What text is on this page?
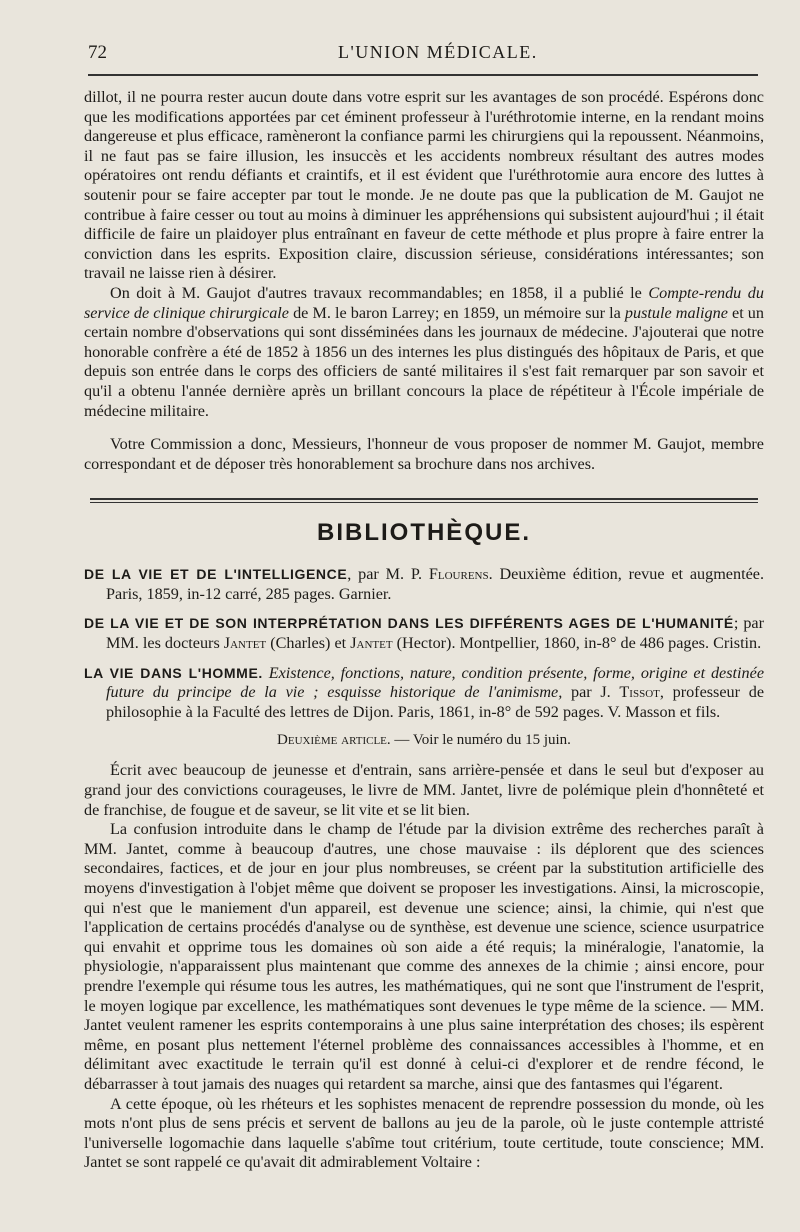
72	L'UNION MÉDICALE.

dillot, il ne pourra rester aucun doute dans votre esprit sur les avantages de son procédé. Espérons donc que les modifications apportées par cet éminent professeur à l'uréthrotomie interne, en la rendant moins dangereuse et plus efficace, ramèneront la confiance parmi les chirurgiens qui la repoussent. Néanmoins, il ne faut pas se faire illusion, les insuccès et les accidents nombreux résultant des autres modes opératoires ont rendu défiants et craintifs, et il est évident que l'uréthrotomie aura encore des luttes à soutenir pour se faire accepter par tout le monde. Je ne doute pas que la publication de M. Gaujot ne contribue à faire cesser ou tout au moins à diminuer les appréhensions qui subsistent aujourd'hui ; il était difficile de faire un plaidoyer plus entraînant en faveur de cette méthode et plus propre à faire entrer la conviction dans les esprits. Exposition claire, discussion sérieuse, considérations intéressantes; son travail ne laisse rien à désirer.

On doit à M. Gaujot d'autres travaux recommandables; en 1858, il a publié le Compte-rendu du service de clinique chirurgicale de M. le baron Larrey; en 1859, un mémoire sur la pustule maligne et un certain nombre d'observations qui sont disséminées dans les journaux de médecine. J'ajouterai que notre honorable confrère a été de 1852 à 1856 un des internes les plus distingués des hôpitaux de Paris, et que depuis son entrée dans le corps des officiers de santé militaires il s'est fait remarquer par son savoir et qu'il a obtenu l'année dernière après un brillant concours la place de répétiteur à l'École impériale de médecine militaire.

Votre Commission a donc, Messieurs, l'honneur de vous proposer de nommer M. Gaujot, membre correspondant et de déposer très honorablement sa brochure dans nos archives.

BIBLIOTHÈQUE.
DE LA VIE ET DE L'INTELLIGENCE, par M. P. Flourens. Deuxième édition, revue et augmentée. Paris, 1859, in-12 carré, 285 pages. Garnier.
DE LA VIE ET DE SON INTERPRÉTATION DANS LES DIFFÉRENTS AGES DE L'HUMANITÉ; par MM. les docteurs Jantet (Charles) et Jantet (Hector). Montpellier, 1860, in-8° de 486 pages. Cristin.
LA VIE DANS L'HOMME. Existence, fonctions, nature, condition présente, forme, origine et destinée future du principe de la vie ; esquisse historique de l'animisme, par J. Tissot, professeur de philosophie à la Faculté des lettres de Dijon. Paris, 1861, in-8° de 592 pages. V. Masson et fils.
Deuxième article. — Voir le numéro du 15 juin.

Écrit avec beaucoup de jeunesse et d'entrain, sans arrière-pensée et dans le seul but d'exposer au grand jour des convictions courageuses, le livre de MM. Jantet, livre de polémique plein d'honnêteté et de franchise, de fougue et de saveur, se lit vite et se lit bien.

La confusion introduite dans le champ de l'étude par la division extrême des recherches paraît à MM. Jantet, comme à beaucoup d'autres, une chose mauvaise : ils déplorent que des sciences secondaires, factices, et de jour en jour plus nombreuses, se créent par la substitution artificielle des moyens d'investigation à l'objet même que doivent se proposer les investigations. Ainsi, la microscopie, qui n'est que le maniement d'un appareil, est devenue une science; ainsi, la chimie, qui n'est que l'application de certains procédés d'analyse ou de synthèse, est devenue une science, science usurpatrice qui envahit et opprime tous les domaines où son aide a été requis; la minéralogie, l'anatomie, la physiologie, n'apparaissent plus maintenant que comme des annexes de la chimie ; ainsi encore, pour prendre l'exemple qui résume tous les autres, les mathématiques, qui ne sont que l'instrument de l'esprit, le moyen logique par excellence, les mathématiques sont devenues le type même de la science. — MM. Jantet veulent ramener les esprits contemporains à une plus saine interprétation des choses; ils espèrent même, en posant plus nettement l'éternel problème des connaissances accessibles à l'homme, et en délimitant avec exactitude le terrain qu'il est donné à celui-ci d'explorer et de rendre fécond, le débarrasser à tout jamais des nuages qui retardent sa marche, ainsi que des fantasmes qui l'égarent.

A cette époque, où les rhéteurs et les sophistes menacent de reprendre possession du monde, où les mots n'ont plus de sens précis et servent de ballons au jeu de la parole, où le juste contemple attristé l'universelle logomachie dans laquelle s'abîme tout critérium, toute certitude, toute conscience; MM. Jantet se sont rappelé ce qu'avait dit admirablement Voltaire :
